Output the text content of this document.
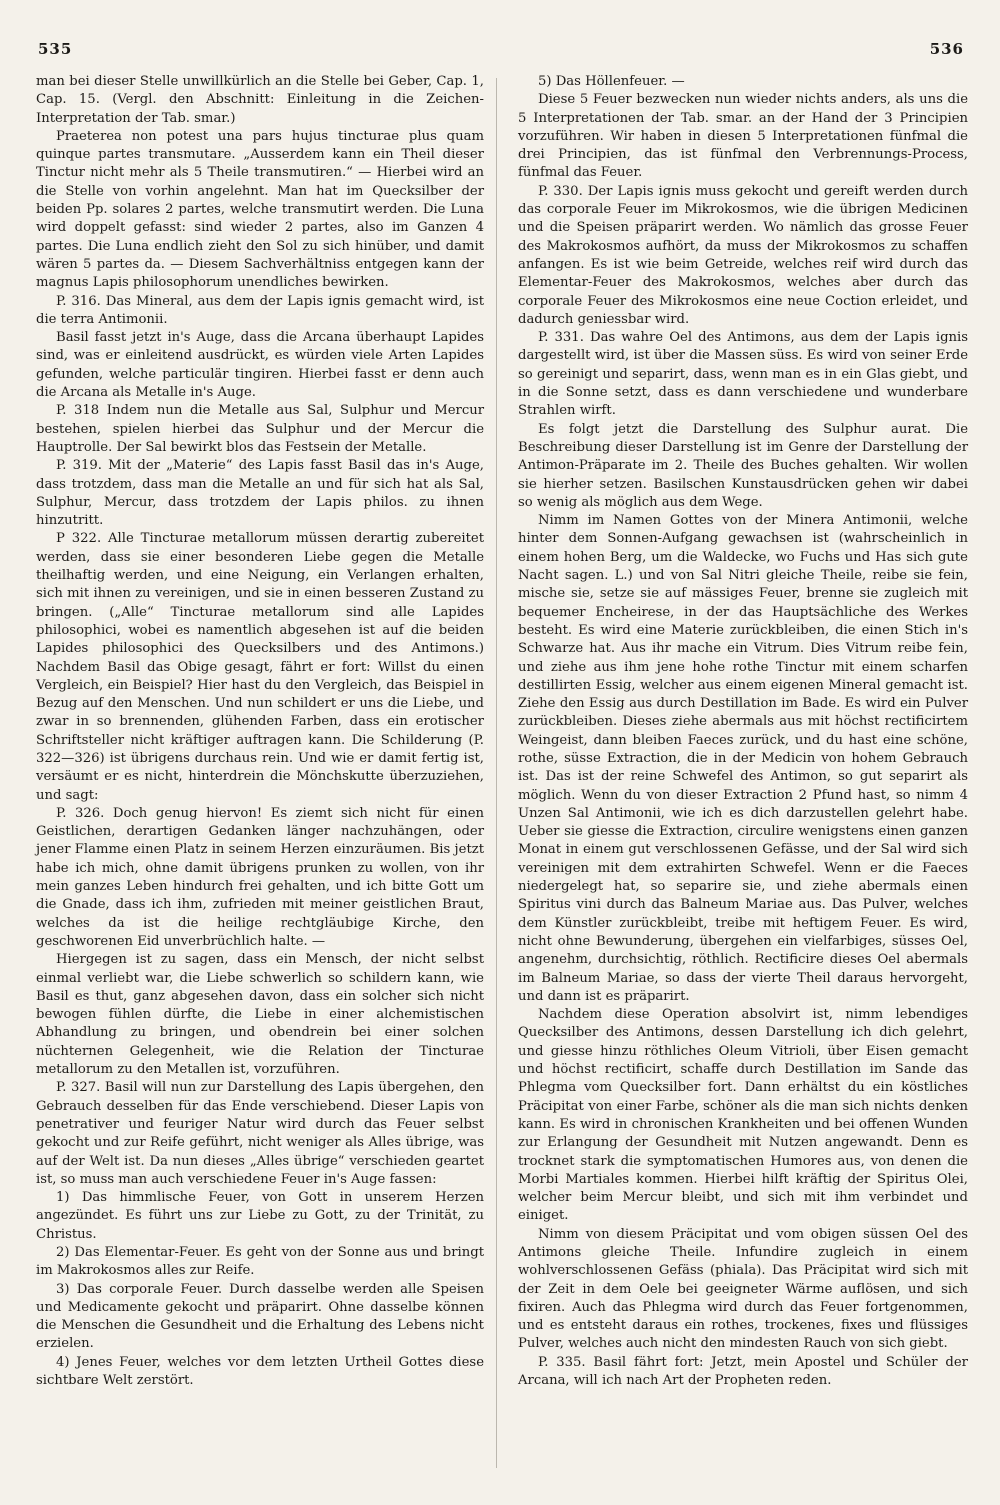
535	536

man bei dieser Stelle unwillkürlich an die Stelle bei Geber, Cap. 1, Cap. 15. (Vergl. den Abschnitt: Einleitung in die Zeichen-Interpretation der Tab. smar.)

Praeterea non potest una pars hujus tincturae plus quam quinque partes transmutare. „Ausserdem kann ein Theil dieser Tinctur nicht mehr als 5 Theile transmutiren.“ — Hierbei wird an die Stelle von vorhin angelehnt. Man hat im Quecksilber der beiden Pp. solares 2 partes, welche transmutirt werden. Die Luna wird doppelt gefasst: sind wieder 2 partes, also im Ganzen 4 partes. Die Luna endlich zieht den Sol zu sich hinüber, und damit wären 5 partes da. — Diesem Sachverhältniss entgegen kann der magnus Lapis philosophorum unendliches bewirken.

P. 316. Das Mineral, aus dem der Lapis ignis gemacht wird, ist die terra Antimonii.

Basil fasst jetzt in's Auge, dass die Arcana überhaupt Lapides sind, was er einleitend ausdrückt, es würden viele Arten Lapides gefunden, welche particulär tingiren. Hierbei fasst er denn auch die Arcana als Metalle in's Auge.

P. 318 Indem nun die Metalle aus Sal, Sulphur und Mercur bestehen, spielen hierbei das Sulphur und der Mercur die Hauptrolle. Der Sal bewirkt blos das Festsein der Metalle.

P. 319. Mit der „Materie“ des Lapis fasst Basil das in's Auge, dass trotzdem, dass man die Metalle an und für sich hat als Sal, Sulphur, Mercur, dass trotzdem der Lapis philos. zu ihnen hinzutritt.

P 322. Alle Tincturae metallorum müssen derartig zubereitet werden, dass sie einer besonderen Liebe gegen die Metalle theilhaftig werden, und eine Neigung, ein Verlangen erhalten, sich mit ihnen zu vereinigen, und sie in einen besseren Zustand zu bringen. („Alle“ Tincturae metallorum sind alle Lapides philosophici, wobei es namentlich abgesehen ist auf die beiden Lapides philosophici des Quecksilbers und des Antimons.) Nachdem Basil das Obige gesagt, fährt er fort: Willst du einen Vergleich, ein Beispiel? Hier hast du den Vergleich, das Beispiel in Bezug auf den Menschen. Und nun schildert er uns die Liebe, und zwar in so brennenden, glühenden Farben, dass ein erotischer Schriftsteller nicht kräftiger auftragen kann. Die Schilderung (P. 322—326) ist übrigens durchaus rein. Und wie er damit fertig ist, versäumt er es nicht, hinterdrein die Mönchskutte überzuziehen, und sagt:

P. 326. Doch genug hiervon! Es ziemt sich nicht für einen Geistlichen, derartigen Gedanken länger nachzuhängen, oder jener Flamme einen Platz in seinem Herzen einzuräumen. Bis jetzt habe ich mich, ohne damit übrigens prunken zu wollen, von ihr mein ganzes Leben hindurch frei gehalten, und ich bitte Gott um die Gnade, dass ich ihm, zufrieden mit meiner geistlichen Braut, welches da ist die heilige rechtgläubige Kirche, den geschworenen Eid unverbrüchlich halte. —

Hiergegen ist zu sagen, dass ein Mensch, der nicht selbst einmal verliebt war, die Liebe schwerlich so schildern kann, wie Basil es thut, ganz abgesehen davon, dass ein solcher sich nicht bewogen fühlen dürfte, die Liebe in einer alchemistischen Abhandlung zu bringen, und obendrein bei einer solchen nüchternen Gelegenheit, wie die Relation der Tincturae metallorum zu den Metallen ist, vorzuführen.

P. 327. Basil will nun zur Darstellung des Lapis übergehen, den Gebrauch desselben für das Ende verschiebend. Dieser Lapis von penetrativer und feuriger Natur wird durch das Feuer selbst gekocht und zur Reife geführt, nicht weniger als Alles übrige, was auf der Welt ist. Da nun dieses „Alles übrige“ verschieden geartet ist, so muss man auch verschiedene Feuer in's Auge fassen:

1) Das himmlische Feuer, von Gott in unserem Herzen angezündet. Es führt uns zur Liebe zu Gott, zu der Trinität, zu Christus.

2) Das Elementar-Feuer. Es geht von der Sonne aus und bringt im Makrokosmos alles zur Reife.

3) Das corporale Feuer. Durch dasselbe werden alle Speisen und Medicamente gekocht und präparirt. Ohne dasselbe können die Menschen die Gesundheit und die Erhaltung des Lebens nicht erzielen.

4) Jenes Feuer, welches vor dem letzten Urtheil Gottes diese sichtbare Welt zerstört.

5) Das Höllenfeuer. —

Diese 5 Feuer bezwecken nun wieder nichts anders, als uns die 5 Interpretationen der Tab. smar. an der Hand der 3 Principien vorzuführen. Wir haben in diesen 5 Interpretationen fünfmal die drei Principien, das ist fünfmal den Verbrennungs-Process, fünfmal das Feuer.

P. 330. Der Lapis ignis muss gekocht und gereift werden durch das corporale Feuer im Mikrokosmos, wie die übrigen Medicinen und die Speisen präparirt werden. Wo nämlich das grosse Feuer des Makrokosmos aufhört, da muss der Mikrokosmos zu schaffen anfangen. Es ist wie beim Getreide, welches reif wird durch das Elementar-Feuer des Makrokosmos, welches aber durch das corporale Feuer des Mikrokosmos eine neue Coction erleidet, und dadurch geniessbar wird.

P. 331. Das wahre Oel des Antimons, aus dem der Lapis ignis dargestellt wird, ist über die Massen süss. Es wird von seiner Erde so gereinigt und separirt, dass, wenn man es in ein Glas giebt, und in die Sonne setzt, dass es dann verschiedene und wunderbare Strahlen wirft.

Es folgt jetzt die Darstellung des Sulphur aurat. Die Beschreibung dieser Darstellung ist im Genre der Darstellung der Antimon-Präparate im 2. Theile des Buches gehalten. Wir wollen sie hierher setzen. Basilschen Kunstausdrücken gehen wir dabei so wenig als möglich aus dem Wege.

Nimm im Namen Gottes von der Minera Antimonii, welche hinter dem Sonnen-Aufgang gewachsen ist (wahrscheinlich in einem hohen Berg, um die Waldecke, wo Fuchs und Has sich gute Nacht sagen. L.) und von Sal Nitri gleiche Theile, reibe sie fein, mische sie, setze sie auf mässiges Feuer, brenne sie zugleich mit bequemer Encheirese, in der das Hauptsächliche des Werkes besteht. Es wird eine Materie zurückbleiben, die einen Stich in's Schwarze hat. Aus ihr mache ein Vitrum. Dies Vitrum reibe fein, und ziehe aus ihm jene hohe rothe Tinctur mit einem scharfen destillirten Essig, welcher aus einem eigenen Mineral gemacht ist. Ziehe den Essig aus durch Destillation im Bade. Es wird ein Pulver zurückbleiben. Dieses ziehe abermals aus mit höchst rectificirtem Weingeist, dann bleiben Faeces zurück, und du hast eine schöne, rothe, süsse Extraction, die in der Medicin von hohem Gebrauch ist. Das ist der reine Schwefel des Antimon, so gut separirt als möglich. Wenn du von dieser Extraction 2 Pfund hast, so nimm 4 Unzen Sal Antimonii, wie ich es dich darzustellen gelehrt habe. Ueber sie giesse die Extraction, circulire wenigstens einen ganzen Monat in einem gut verschlossenen Gefässe, und der Sal wird sich vereinigen mit dem extrahirten Schwefel. Wenn er die Faeces niedergelegt hat, so separire sie, und ziehe abermals einen Spiritus vini durch das Balneum Mariae aus. Das Pulver, welches dem Künstler zurückbleibt, treibe mit heftigem Feuer. Es wird, nicht ohne Bewunderung, übergehen ein vielfarbiges, süsses Oel, angenehm, durchsichtig, röthlich. Rectificire dieses Oel abermals im Balneum Mariae, so dass der vierte Theil daraus hervorgeht, und dann ist es präparirt.

Nachdem diese Operation absolvirt ist, nimm lebendiges Quecksilber des Antimons, dessen Darstellung ich dich gelehrt, und giesse hinzu röthliches Oleum Vitrioli, über Eisen gemacht und höchst rectificirt, schaffe durch Destillation im Sande das Phlegma vom Quecksilber fort. Dann erhältst du ein köstliches Präcipitat von einer Farbe, schöner als die man sich nichts denken kann. Es wird in chronischen Krankheiten und bei offenen Wunden zur Erlangung der Gesundheit mit Nutzen angewandt. Denn es trocknet stark die symptomatischen Humores aus, von denen die Morbi Martiales kommen. Hierbei hilft kräftig der Spiritus Olei, welcher beim Mercur bleibt, und sich mit ihm verbindet und einiget.

Nimm von diesem Präcipitat und vom obigen süssen Oel des Antimons gleiche Theile. Infundire zugleich in einem wohlverschlossenen Gefäss (phiala). Das Präcipitat wird sich mit der Zeit in dem Oele bei geeigneter Wärme auflösen, und sich fixiren. Auch das Phlegma wird durch das Feuer fortgenommen, und es entsteht daraus ein rothes, trockenes, fixes und flüssiges Pulver, welches auch nicht den mindesten Rauch von sich giebt.

P. 335. Basil fährt fort: Jetzt, mein Apostel und Schüler der Arcana, will ich nach Art der Propheten reden.
